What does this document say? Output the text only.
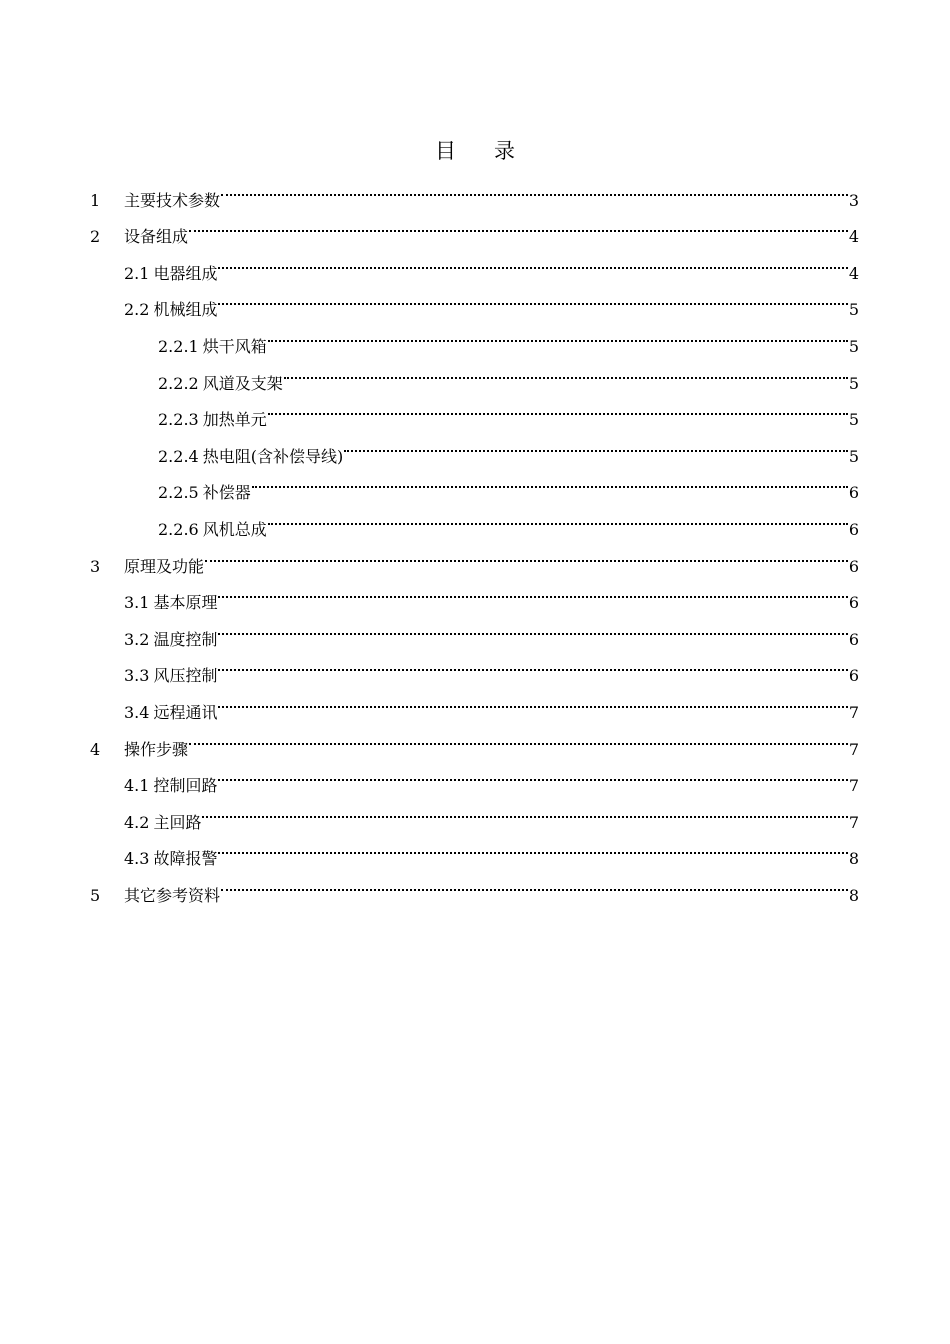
目录
1	主要技术参数	3
2	设备组成	4
2.1 电器组成	4
2.2 机械组成	5
2.2.1 烘干风箱	5
2.2.2 风道及支架	5
2.2.3 加热单元	5
2.2.4 热电阻(含补偿导线)	5
2.2.5 补偿器	6
2.2.6 风机总成	6
3	原理及功能	6
3.1 基本原理	6
3.2 温度控制	6
3.3 风压控制	6
3.4 远程通讯	7
4	操作步骤	7
4.1 控制回路	7
4.2 主回路	7
4.3 故障报警	8
5	其它参考资料	8
